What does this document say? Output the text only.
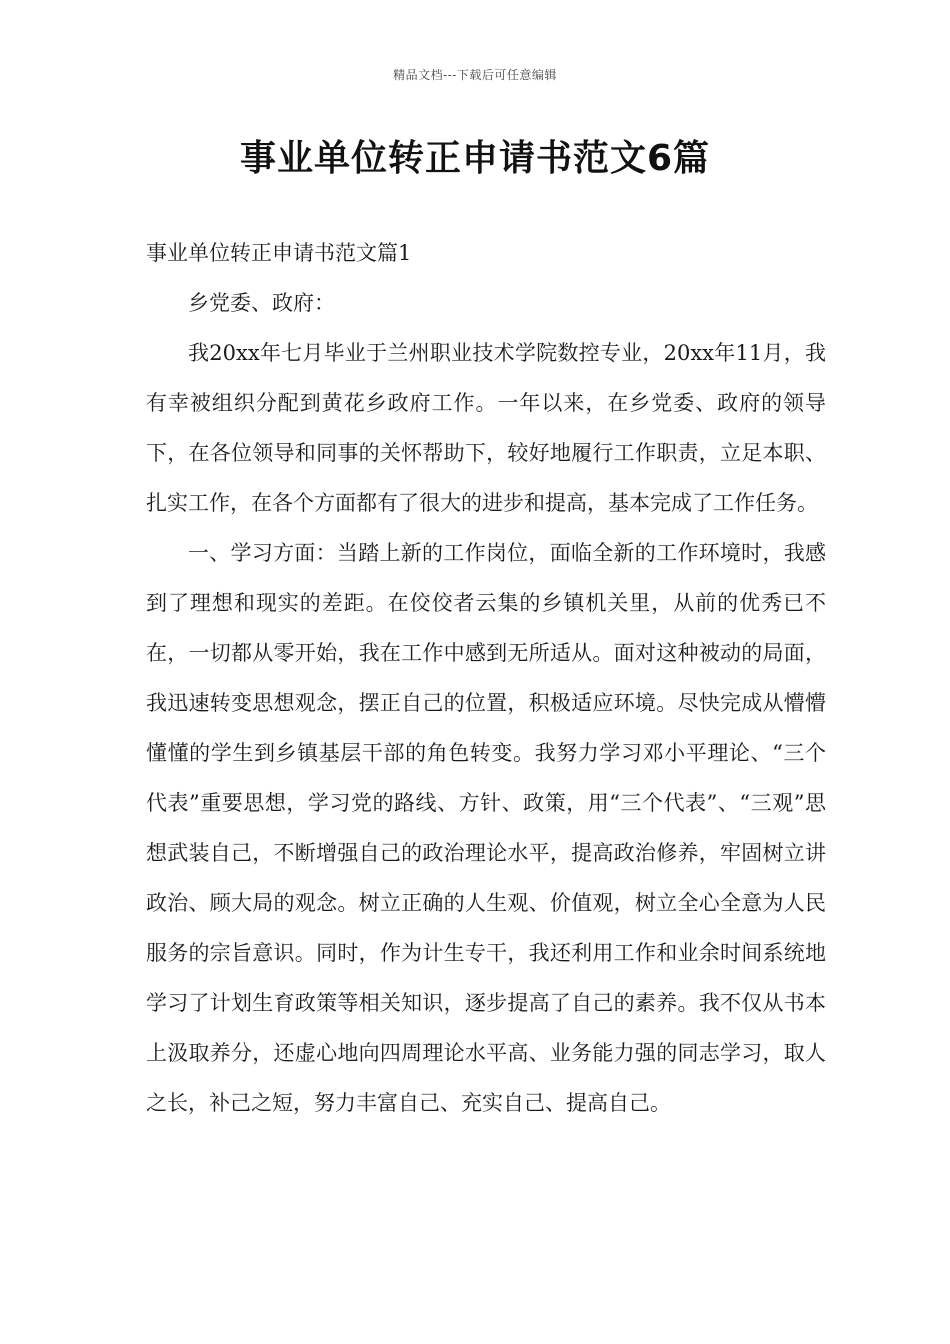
精品文档---下载后可任意编辑
事业单位转正申请书范文6篇

事业单位转正申请书范文篇1

乡党委、政府：

我20xx年七月毕业于兰州职业技术学院数控专业，20xx年11月，我有幸被组织分配到黄花乡政府工作。一年以来，在乡党委、政府的领导下，在各位领导和同事的关怀帮助下，较好地履行工作职责，立足本职、扎实工作，在各个方面都有了很大的进步和提高，基本完成了工作任务。

一、学习方面：当踏上新的工作岗位，面临全新的工作环境时，我感到了理想和现实的差距。在佼佼者云集的乡镇机关里，从前的优秀已不在，一切都从零开始，我在工作中感到无所适从。面对这种被动的局面，我迅速转变思想观念，摆正自己的位置，积极适应环境。尽快完成从懵懵懂懂的学生到乡镇基层干部的角色转变。我努力学习邓小平理论、“三个代表”重要思想，学习党的路线、方针、政策，用“三个代表”、“三观”思想武装自己，不断增强自己的政治理论水平，提高政治修养，牢固树立讲政治、顾大局的观念。树立正确的人生观、价值观，树立全心全意为人民服务的宗旨意识。同时，作为计生专干，我还利用工作和业余时间系统地学习了计划生育政策等相关知识，逐步提高了自己的素养。我不仅从书本上汲取养分，还虚心地向四周理论水平高、业务能力强的同志学习，取人之长，补己之短，努力丰富自己、充实自己、提高自己。
